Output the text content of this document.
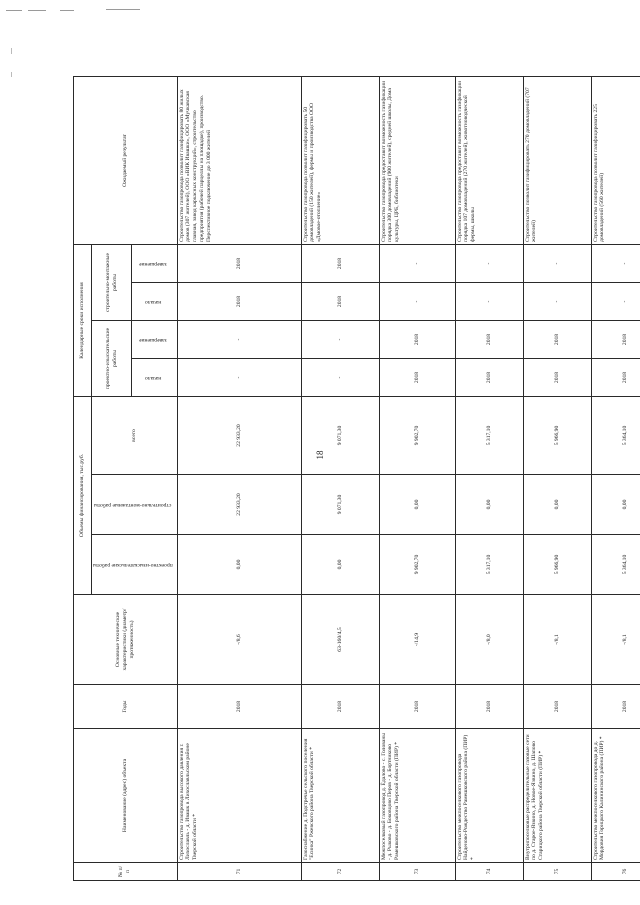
18
№ п/п	Наименование (адрес) объекта	Годы	Основные технические характеристики (диаметр/ протяженность)	Объемы финансирования, тыс.руб.			Календарные сроки исполнения				Ожидаемый результат
				проектно-изыскательские работы	строительно-монтажные работы	всего	проектно-изыскательские работы		строительно-монтажные работы		
							начало	завершение	начало	завершение	
71	Строительство газопровода высокого давления г. Лихославль - д. Ивашк в Лихославльском районе Тверской области *	2018	-/8,6	0,00	22 933,20	22 933,20	-	-	2018	2018	Строительство газопровода позволит газифицировать 80 жилых домов (307 жителей), ООО «ВИК Ивашки», ООО «Мучкавская главная, завод каркасных конструкций», строительство предприятия (рабочей парцеллы на площадке), производство. Перспективное подключение до 3 000 жителей
72	Газоснабжение д. Подстречье сельского поселения "Есинка" Ржевского района Тверской области *	2018	63-160/4,5	0,00	9 071,30	9 071,30	-	-	2018	2018	Строительство газопровода позволит газифицировать 50 домовладений (150 жителей), фермы и производства ООО «Дмовое-отопление»
73	Межпоселковый газопровод д. Ёдалово - с. Голованы - д. Рыково - д. Боковцово Перов - д. Бортниково Рамешковского района Тверской области (ПИР) *	2018	-/14,9	9 902,70	0,00	9 902,70	2018	2018	-	-	Строительство газопровода предоставит возможность газификации порядка 300 домовладений (900 жителей), средней школы, Дома культуры, ЦРБ, библиотеки
74	Строительство межпоселкового газопровода Найденово-Рождество Рамешковского района (ПИР) *	2018	-/8,0	5 317,10	0,00	5 317,10	2018	2018	-	-	Строительство газопровода предоставит возможность газификации порядка 107 домовладений (270 жителей), животноводческой фермы, школы
75	Внутрипоселковые распределительные газовые сети по д. Староe-Язвино, д. Новое-Язвино, д. Шапово Старицкого района Тверской области (ПИР) *	2018	-/8,1	5 966,90	0,00	5 966,90	2018	2018	-	-	Строительство позволит газифицировать 270 домовладений (707 жителей)
76	Строительство межпоселкового газопровода до д. Мордовия Горицкого Калининского района (ПИР) *	2018	-/8,1	5 364,10	0,00	5 364,10	2018	2018	-	-	Строительство газопровода позволит газифицировать 225 домовладений (560 жителей)
